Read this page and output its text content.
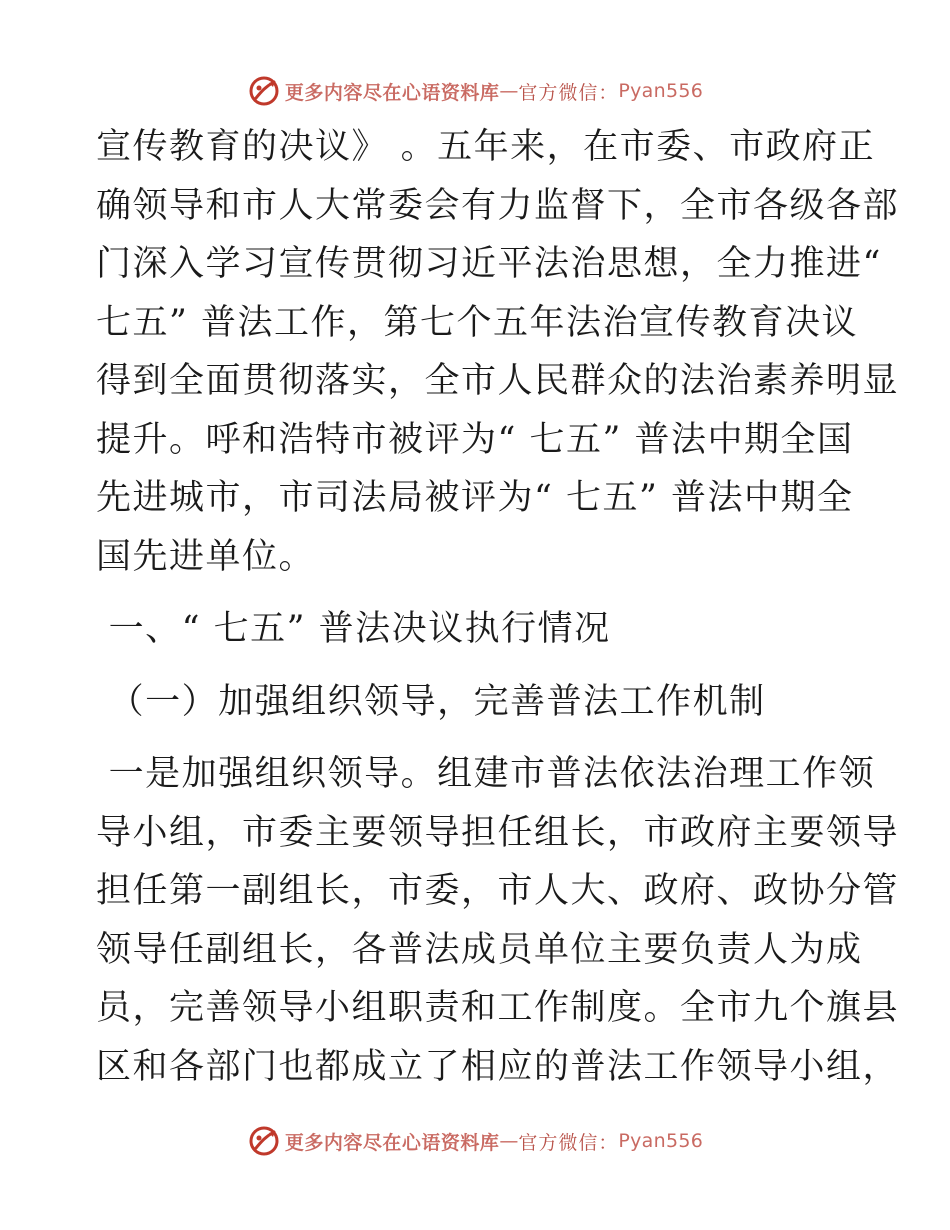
更多内容尽在心语资料库 — 官方微信： Pyan556

宣传教育的决议》 。五年来，在市委、市政府正

确领导和市人大常委会有力监督下，全市各级各部

门深入学习宣传贯彻习近平法治思想，全力推进“

七五” 普法工作，第七个五年法治宣传教育决议

得到全面贯彻落实，全市人民群众的法治素养明显

提升。呼和浩特市被评为“ 七五” 普法中期全国

先进城市，市司法局被评为“ 七五” 普法中期全

国先进单位。

一、“ 七五” 普法决议执行情况

（一）加强组织领导，完善普法工作机制

一是加强组织领导。组建市普法依法治理工作领

导小组，市委主要领导担任组长，市政府主要领导

担任第一副组长，市委，市人大、政府、政协分管

领导任副组长，各普法成员单位主要负责人为成

员，完善领导小组职责和工作制度。全市九个旗县

区和各部门也都成立了相应的普法工作领导小组，

更多内容尽在心语资料库 — 官方微信： Pyan556
